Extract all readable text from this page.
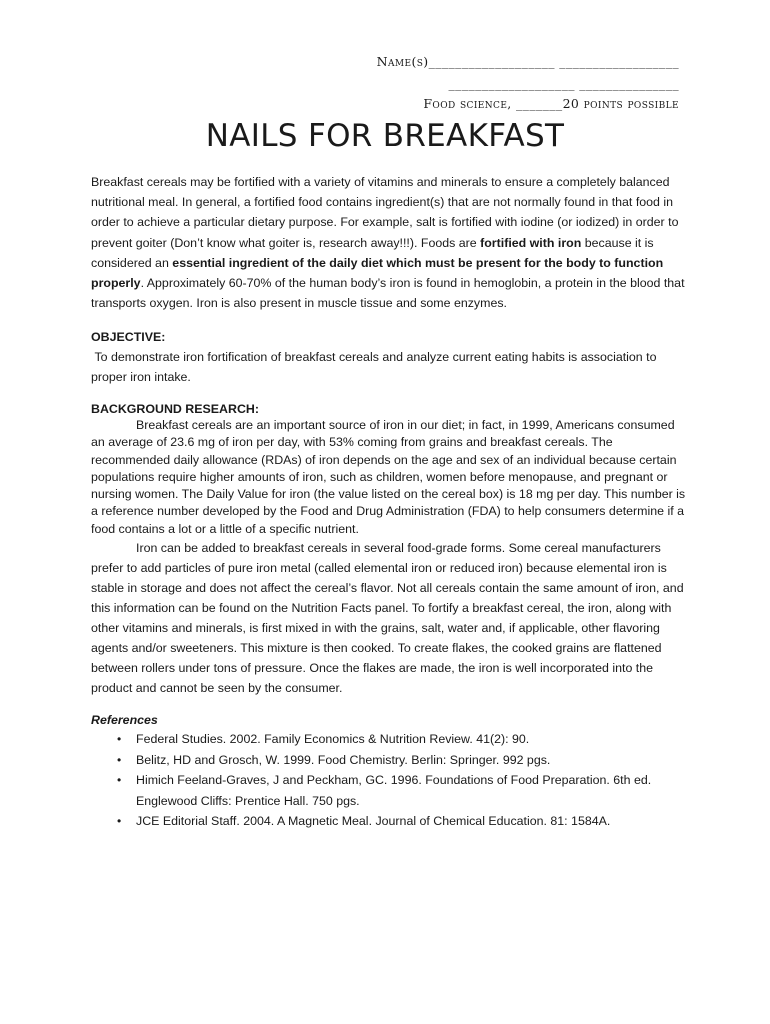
Name(s)___________________ __________________
___________________ _______________
Food science, _______20 points possible
NAILS FOR BREAKFAST

Breakfast cereals may be fortified with a variety of vitamins and minerals to ensure a completely balanced nutritional meal. In general, a fortified food contains ingredient(s) that are not normally found in that food in order to achieve a particular dietary purpose. For example, salt is fortified with iodine (or iodized) in order to prevent goiter (Don’t know what goiter is, research away!!!). Foods are fortified with iron because it is considered an essential ingredient of the daily diet which must be present for the body to function properly. Approximately 60-70% of the human body’s iron is found in hemoglobin, a protein in the blood that transports oxygen. Iron is also present in muscle tissue and some enzymes.

OBJECTIVE:

To demonstrate iron fortification of breakfast cereals and analyze current eating habits is association to proper iron intake.

BACKGROUND RESEARCH:

Breakfast cereals are an important source of iron in our diet; in fact, in 1999, Americans consumed an average of 23.6 mg of iron per day, with 53% coming from grains and breakfast cereals. The recommended daily allowance (RDAs) of iron depends on the age and sex of an individual because certain populations require higher amounts of iron, such as children, women before menopause, and pregnant or nursing women. The Daily Value for iron (the value listed on the cereal box) is 18 mg per day. This number is a reference number developed by the Food and Drug Administration (FDA) to help consumers determine if a food contains a lot or a little of a specific nutrient.

Iron can be added to breakfast cereals in several food-grade forms. Some cereal manufacturers prefer to add particles of pure iron metal (called elemental iron or reduced iron) because elemental iron is stable in storage and does not affect the cereal’s flavor. Not all cereals contain the same amount of iron, and this information can be found on the Nutrition Facts panel. To fortify a breakfast cereal, the iron, along with other vitamins and minerals, is first mixed in with the grains, salt, water and, if applicable, other flavoring agents and/or sweeteners. This mixture is then cooked. To create flakes, the cooked grains are flattened between rollers under tons of pressure. Once the flakes are made, the iron is well incorporated into the product and cannot be seen by the consumer.

References

• Federal Studies. 2002. Family Economics & Nutrition Review. 41(2): 90.
• Belitz, HD and Grosch, W. 1999. Food Chemistry. Berlin: Springer. 992 pgs.
• Himich Feeland-Graves, J and Peckham, GC. 1996. Foundations of Food Preparation. 6th ed. Englewood Cliffs: Prentice Hall. 750 pgs.
• JCE Editorial Staff. 2004. A Magnetic Meal. Journal of Chemical Education. 81: 1584A.
